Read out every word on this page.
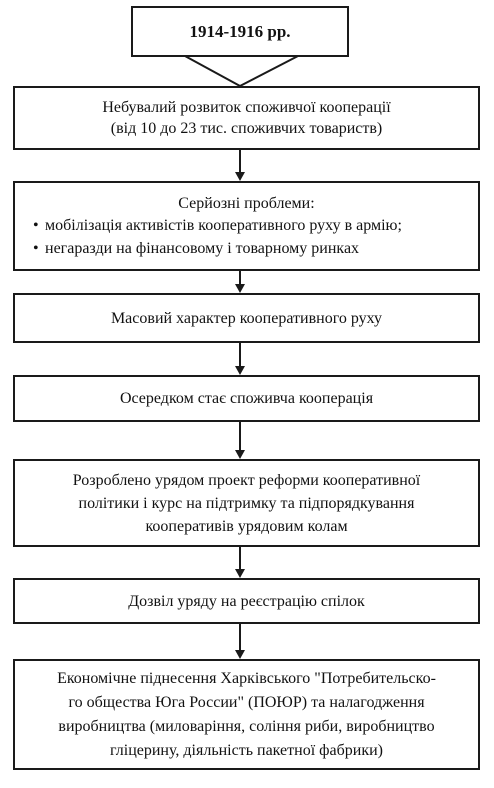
1914-1916 рр.
Небувалий розвиток споживчої кооперації
(від 10 до 23 тис. споживчих товариств)
Серйозні проблеми:
• мобілізація активістів кооперативного руху в армію;
• негаразди на фінансовому і товарному ринках
Масовий характер кооперативного руху
Осередком стає споживча кооперація
Розроблено урядом проект реформи кооперативної
політики і курс на підтримку та підпорядкування
кооперативів урядовим колам
Дозвіл уряду на реєстрацію спілок
Економічне піднесення Харківського "Потребительско-
го общества Юга России" (ПОЮР) та налагодження
виробництва (миловаріння, соління риби, виробництво
гліцерину, діяльність пакетної фабрики)
